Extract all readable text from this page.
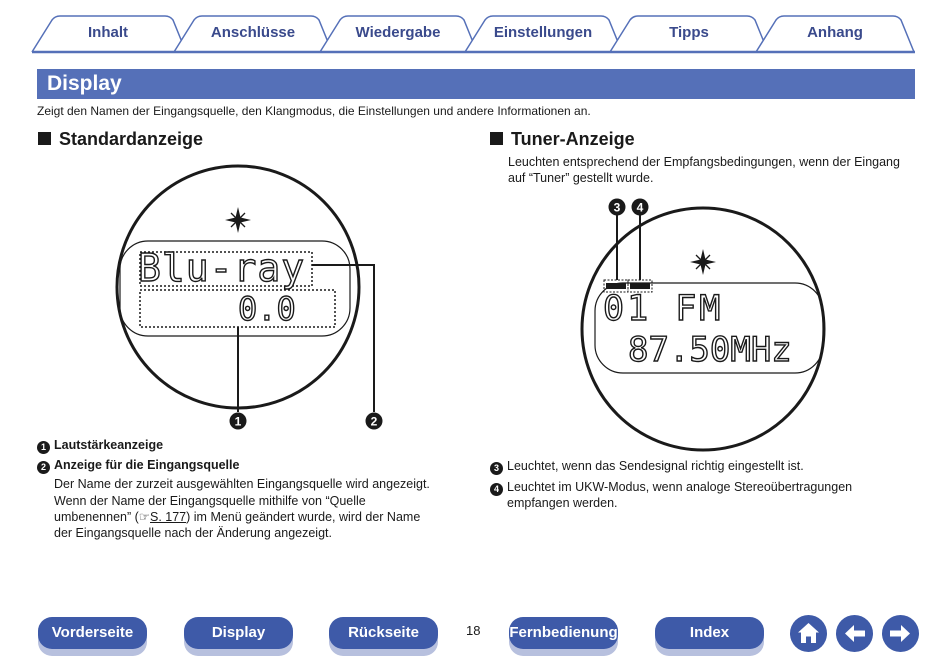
Inhalt	Anschlüsse	Wiedergabe	Einstellungen	Tipps	Anhang
Display
Zeigt den Namen der Eingangsquelle, den Klangmodus, die Einstellungen und andere Informationen an.
Standardanzeige
1	2
3 4
Blu-ray
0.0	01 FM
87.50MHz
1 Lautstärkeanzeige
2 Anzeige für die Eingangsquelle
Der Name der zurzeit ausgewählten Eingangsquelle wird angezeigt.
Wenn der Name der Eingangsquelle mithilfe von “Quelle
umbenennen” (☞S. 177) im Menü geändert wurde, wird der Name
der Eingangsquelle nach der Änderung angezeigt.
Tuner-Anzeige
Leuchten entsprechend der Empfangsbedingungen, wenn der Eingang
auf “Tuner” gestellt wurde.
3 Leuchtet, wenn das Sendesignal richtig eingestellt ist.
4 Leuchtet im UKW-Modus, wenn analoge Stereoübertragungen
empfangen werden.
Vorderseite	Display	Rückseite	18 Fernbedienung	Index
